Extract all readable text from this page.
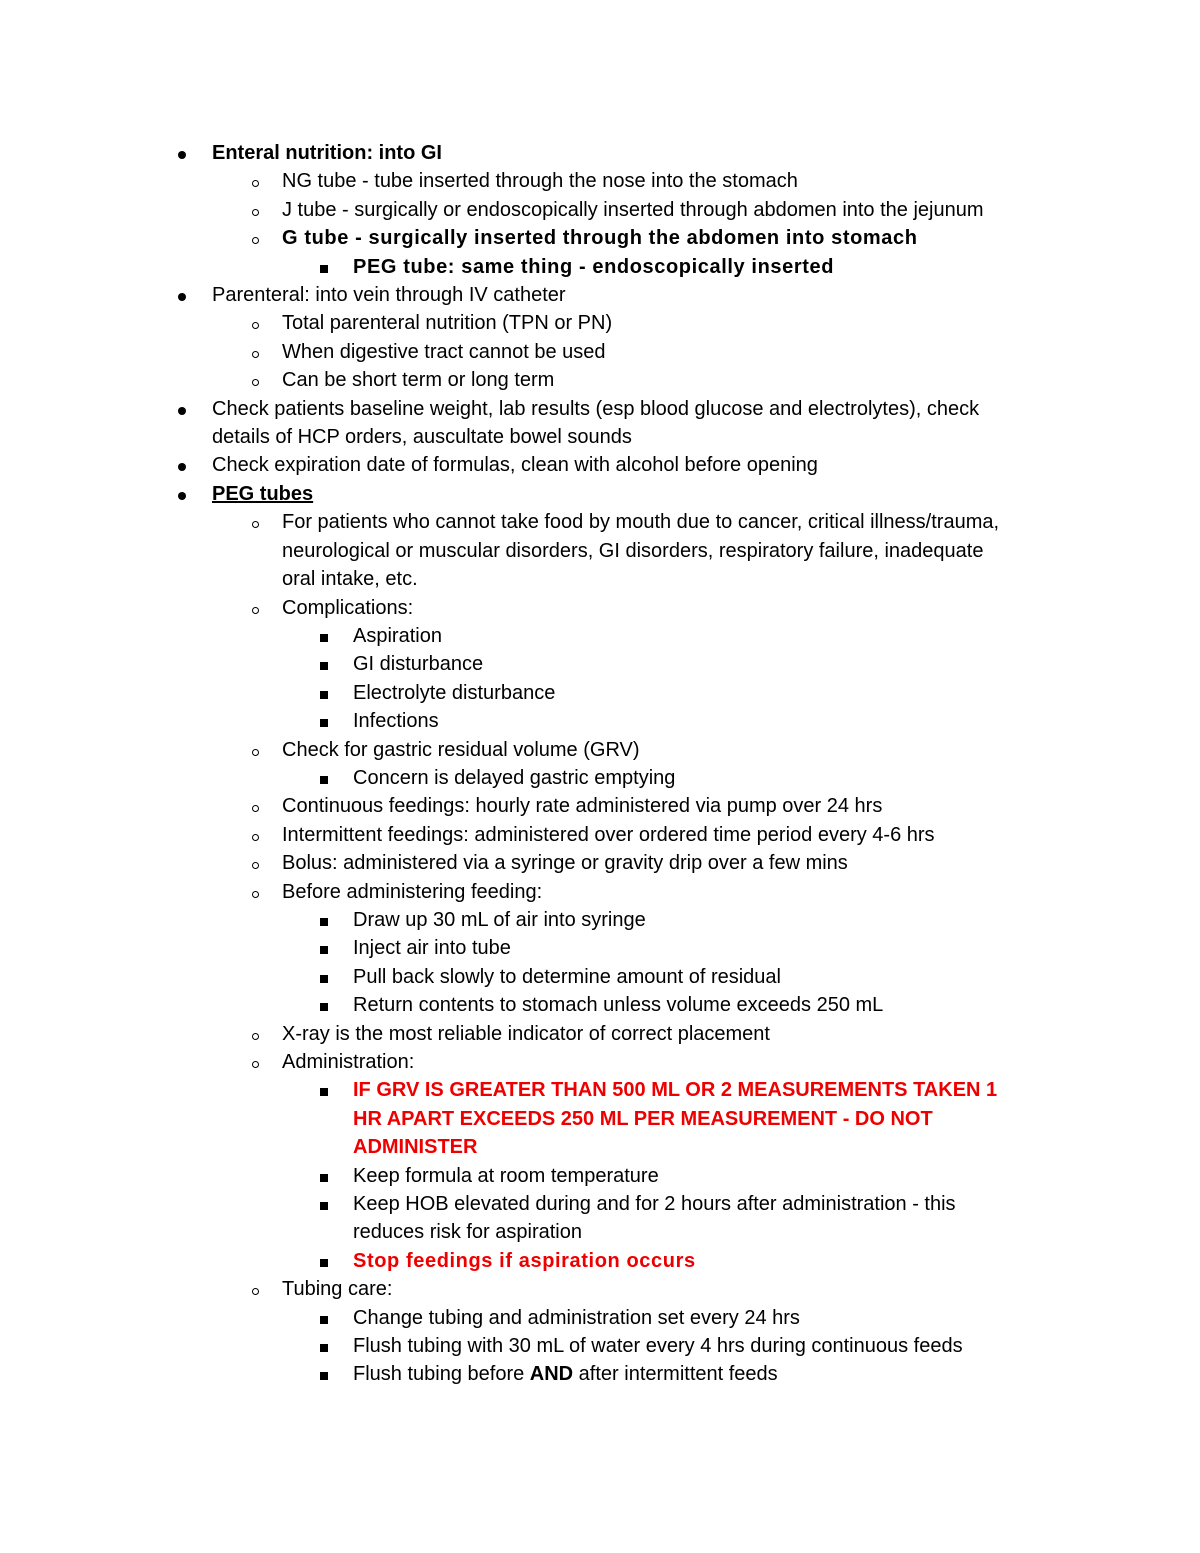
Enteral nutrition: into GI
NG tube - tube inserted through the nose into the stomach
J tube - surgically or endoscopically inserted through abdomen into the jejunum
G tube - surgically inserted through the abdomen into stomach
PEG tube: same thing - endoscopically inserted
Parenteral: into vein through IV catheter
Total parenteral nutrition (TPN or PN)
When digestive tract cannot be used
Can be short term or long term
Check patients baseline weight, lab results (esp blood glucose and electrolytes), check
details of HCP orders, auscultate bowel sounds
Check expiration date of formulas, clean with alcohol before opening
PEG tubes
For patients who cannot take food by mouth due to cancer, critical illness/trauma,
neurological or muscular disorders, GI disorders, respiratory failure, inadequate
oral intake, etc.
Complications:
Aspiration
GI disturbance
Electrolyte disturbance
Infections
Check for gastric residual volume (GRV)
Concern is delayed gastric emptying
Continuous feedings: hourly rate administered via pump over 24 hrs
Intermittent feedings: administered over ordered time period every 4-6 hrs
Bolus: administered via a syringe or gravity drip over a few mins
Before administering feeding:
Draw up 30 mL of air into syringe
Inject air into tube
Pull back slowly to determine amount of residual
Return contents to stomach unless volume exceeds 250 mL
X-ray is the most reliable indicator of correct placement
Administration:
IF GRV IS GREATER THAN 500 ML OR 2 MEASUREMENTS TAKEN 1
HR APART EXCEEDS 250 ML PER MEASUREMENT - DO NOT
ADMINISTER
Keep formula at room temperature
Keep HOB elevated during and for 2 hours after administration - this
reduces risk for aspiration
Stop feedings if aspiration occurs
Tubing care:
Change tubing and administration set every 24 hrs
Flush tubing with 30 mL of water every 4 hrs during continuous feeds
Flush tubing before AND after intermittent feeds
